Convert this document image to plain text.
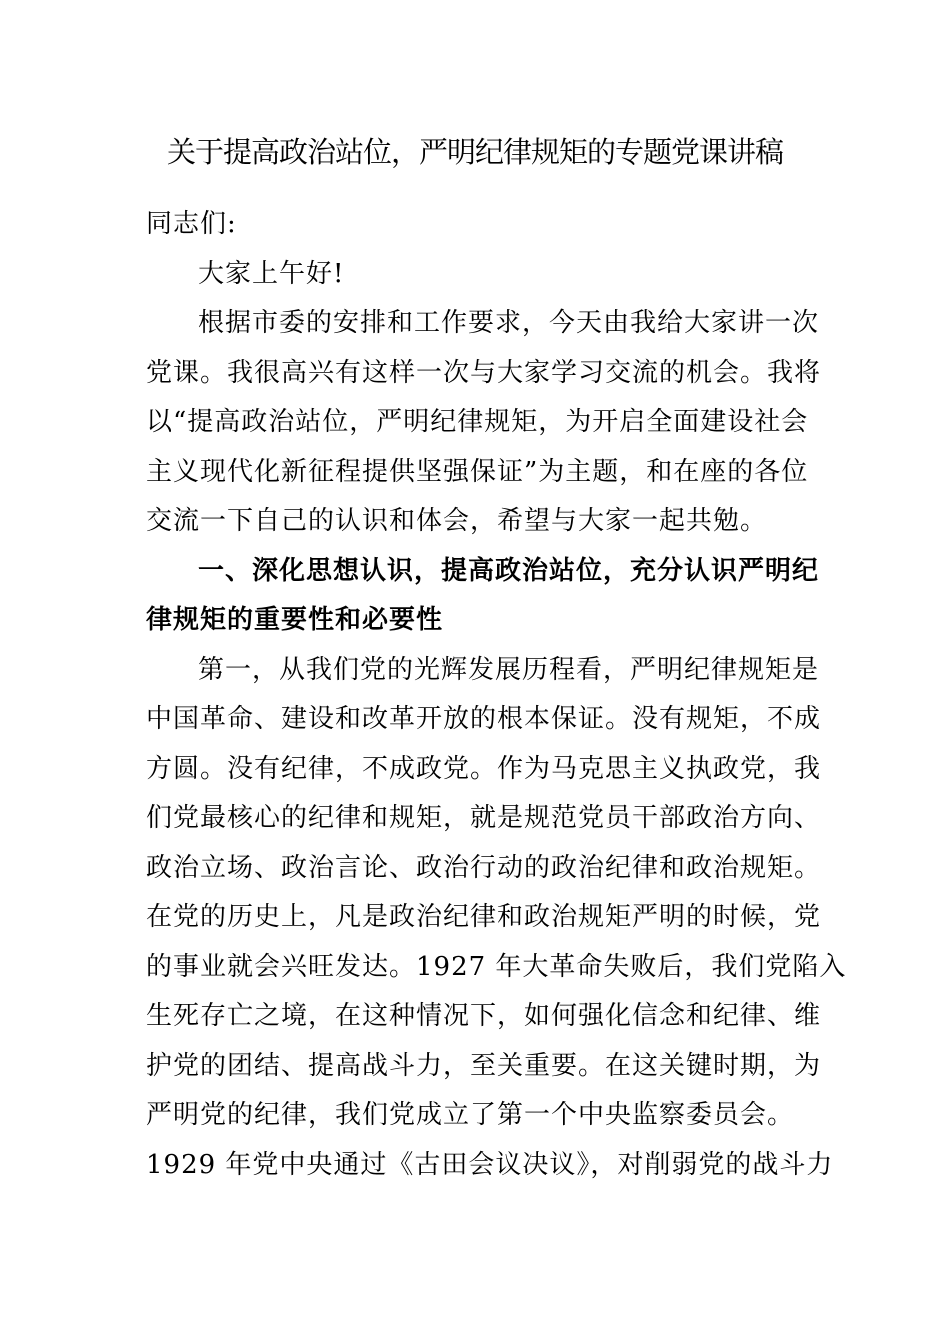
关于提高政治站位，严明纪律规矩的专题党课讲稿
同志们:
大家上午好!
根据市委的安排和工作要求，今天由我给大家讲一次
党课。我很高兴有这样一次与大家学习交流的机会。我将
以“提高政治站位，严明纪律规矩，为开启全面建设社会
主义现代化新征程提供坚强保证”为主题，和在座的各位
交流一下自己的认识和体会，希望与大家一起共勉。
一、深化思想认识，提高政治站位，充分认识严明纪
律规矩的重要性和必要性
第一，从我们党的光辉发展历程看，严明纪律规矩是
中国革命、建设和改革开放的根本保证。没有规矩，不成
方圆。没有纪律，不成政党。作为马克思主义执政党，我
们党最核心的纪律和规矩，就是规范党员干部政治方向、
政治立场、政治言论、政治行动的政治纪律和政治规矩。
在党的历史上，凡是政治纪律和政治规矩严明的时候，党
的事业就会兴旺发达。1927 年大革命失败后，我们党陷入
生死存亡之境，在这种情况下，如何强化信念和纪律、维
护党的团结、提高战斗力，至关重要。在这关键时期，为
严明党的纪律，我们党成立了第一个中央监察委员会。
1929 年党中央通过《古田会议决议》，对削弱党的战斗力
